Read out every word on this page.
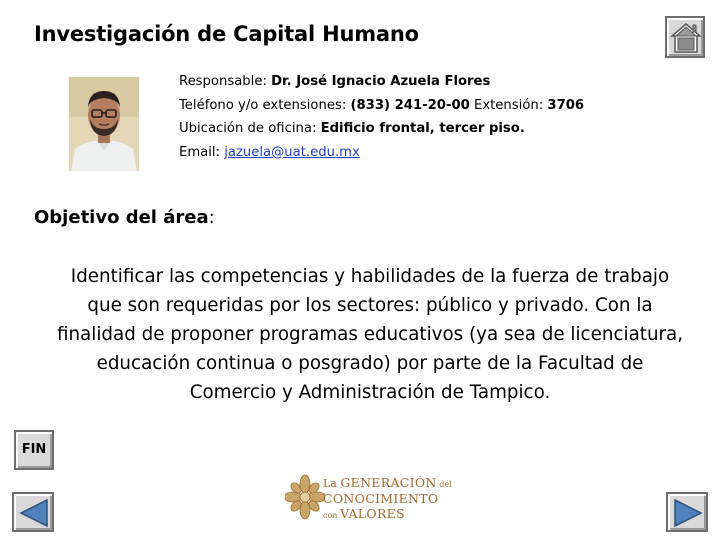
Investigación de Capital Humano
Responsable: Dr. José Ignacio Azuela Flores
Teléfono y/o extensiones: (833) 241-20-00 Extensión: 3706
Ubicación de oficina: Edificio frontal, tercer piso.
Email: jazuela@uat.edu.mx
Objetivo del área:
Identificar las competencias y habilidades de la fuerza de trabajo
que son requeridas por los sectores: público y privado. Con la
finalidad de proponer programas educativos (ya sea de licenciatura,
educación continua o posgrado) por parte de la Facultad de
Comercio y Administración de Tampico.
FIN
La GENERACIÓN del
CONOCIMIENTO
con VALORES
